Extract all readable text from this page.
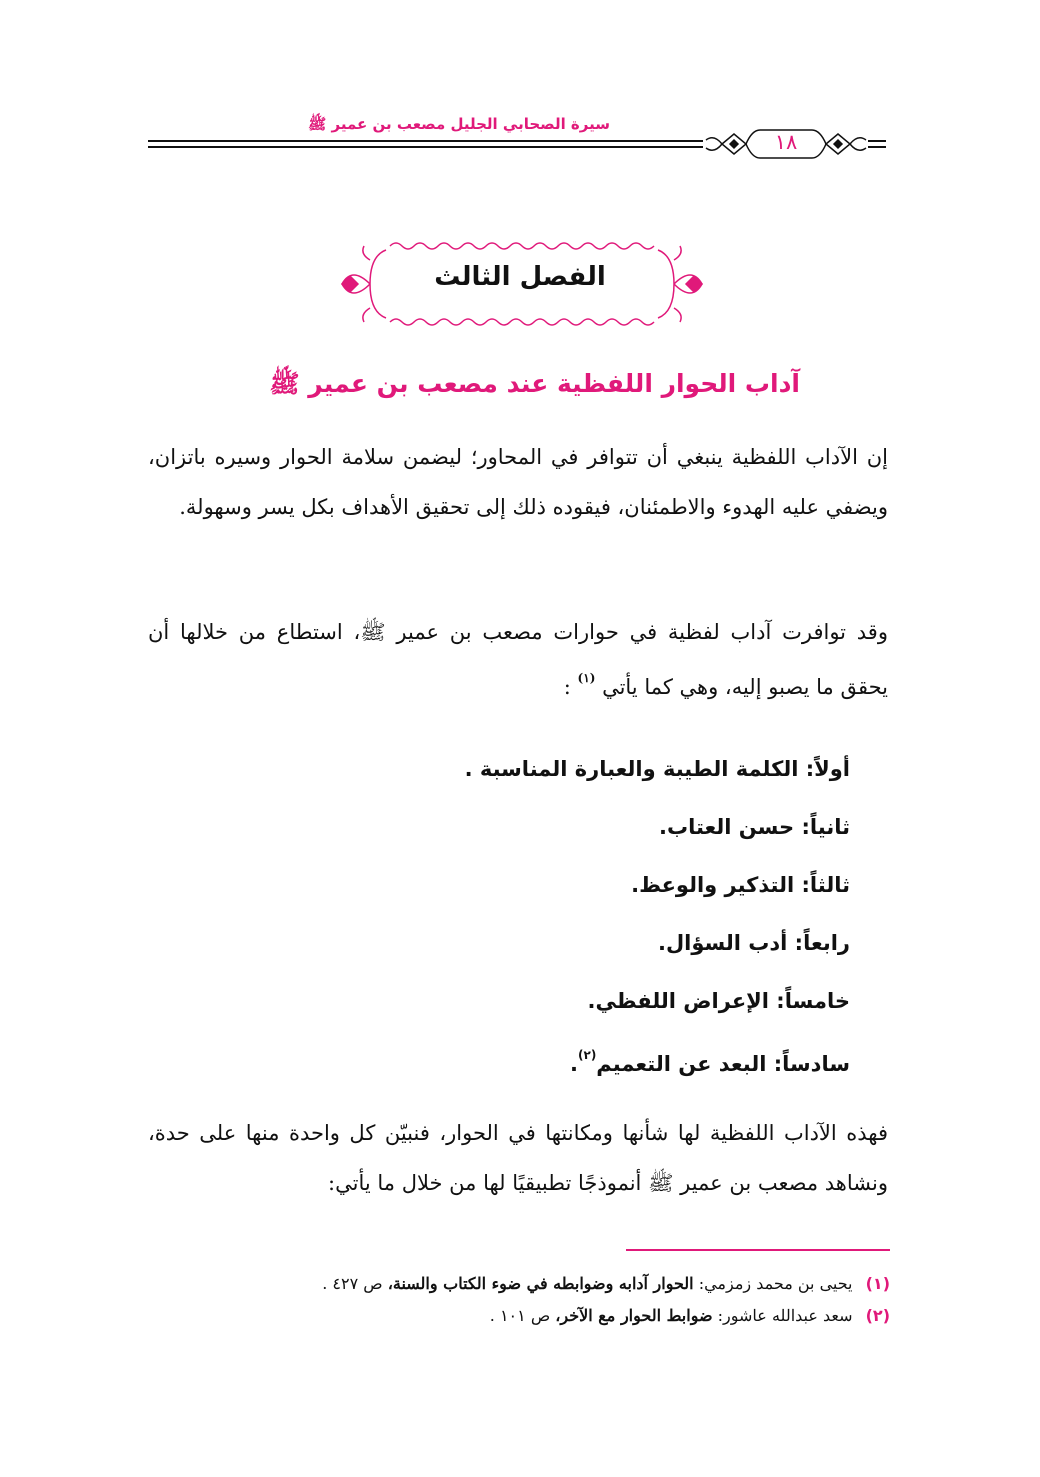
سيرة الصحابي الجليل مصعب بن عمير ﷺ
١٨
الفصل الثالث
آداب الحوار اللفظية عند مصعب بن عمير ﷺ
إن الآداب اللفظية ينبغي أن تتوافر في المحاور؛ ليضمن سلامة الحوار وسيره باتزان، ويضفي عليه الهدوء والاطمئنان، فيقوده ذلك إلى تحقيق الأهداف بكل يسر وسهولة.
وقد توافرت آداب لفظية في حوارات مصعب بن عمير ﷺ، استطاع من خلالها أن يحقق ما يصبو إليه، وهي كما يأتي $^{(١)}$ :
أولاً: الكلمة الطيبة والعبارة المناسبة .
ثانياً: حسن العتاب.
ثالثاً: التذكير والوعظ.
رابعاً: أدب السؤال.
خامساً: الإعراض اللفظي.
سادساً: البعد عن التعميم$^{(٢)}$.
فهذه الآداب اللفظية لها شأنها ومكانتها في الحوار، فنبيّن كل واحدة منها على حدة، ونشاهد مصعب بن عمير ﷺ أنموذجًا تطبيقيًا لها من خلال ما يأتي:
(١) يحيى بن محمد زمزمي: الحوار آدابه وضوابطه في ضوء الكتاب والسنة، ص ٤٢٧ .
(٢) سعد عبدالله عاشور: ضوابط الحوار مع الآخر، ص ١٠١ .
